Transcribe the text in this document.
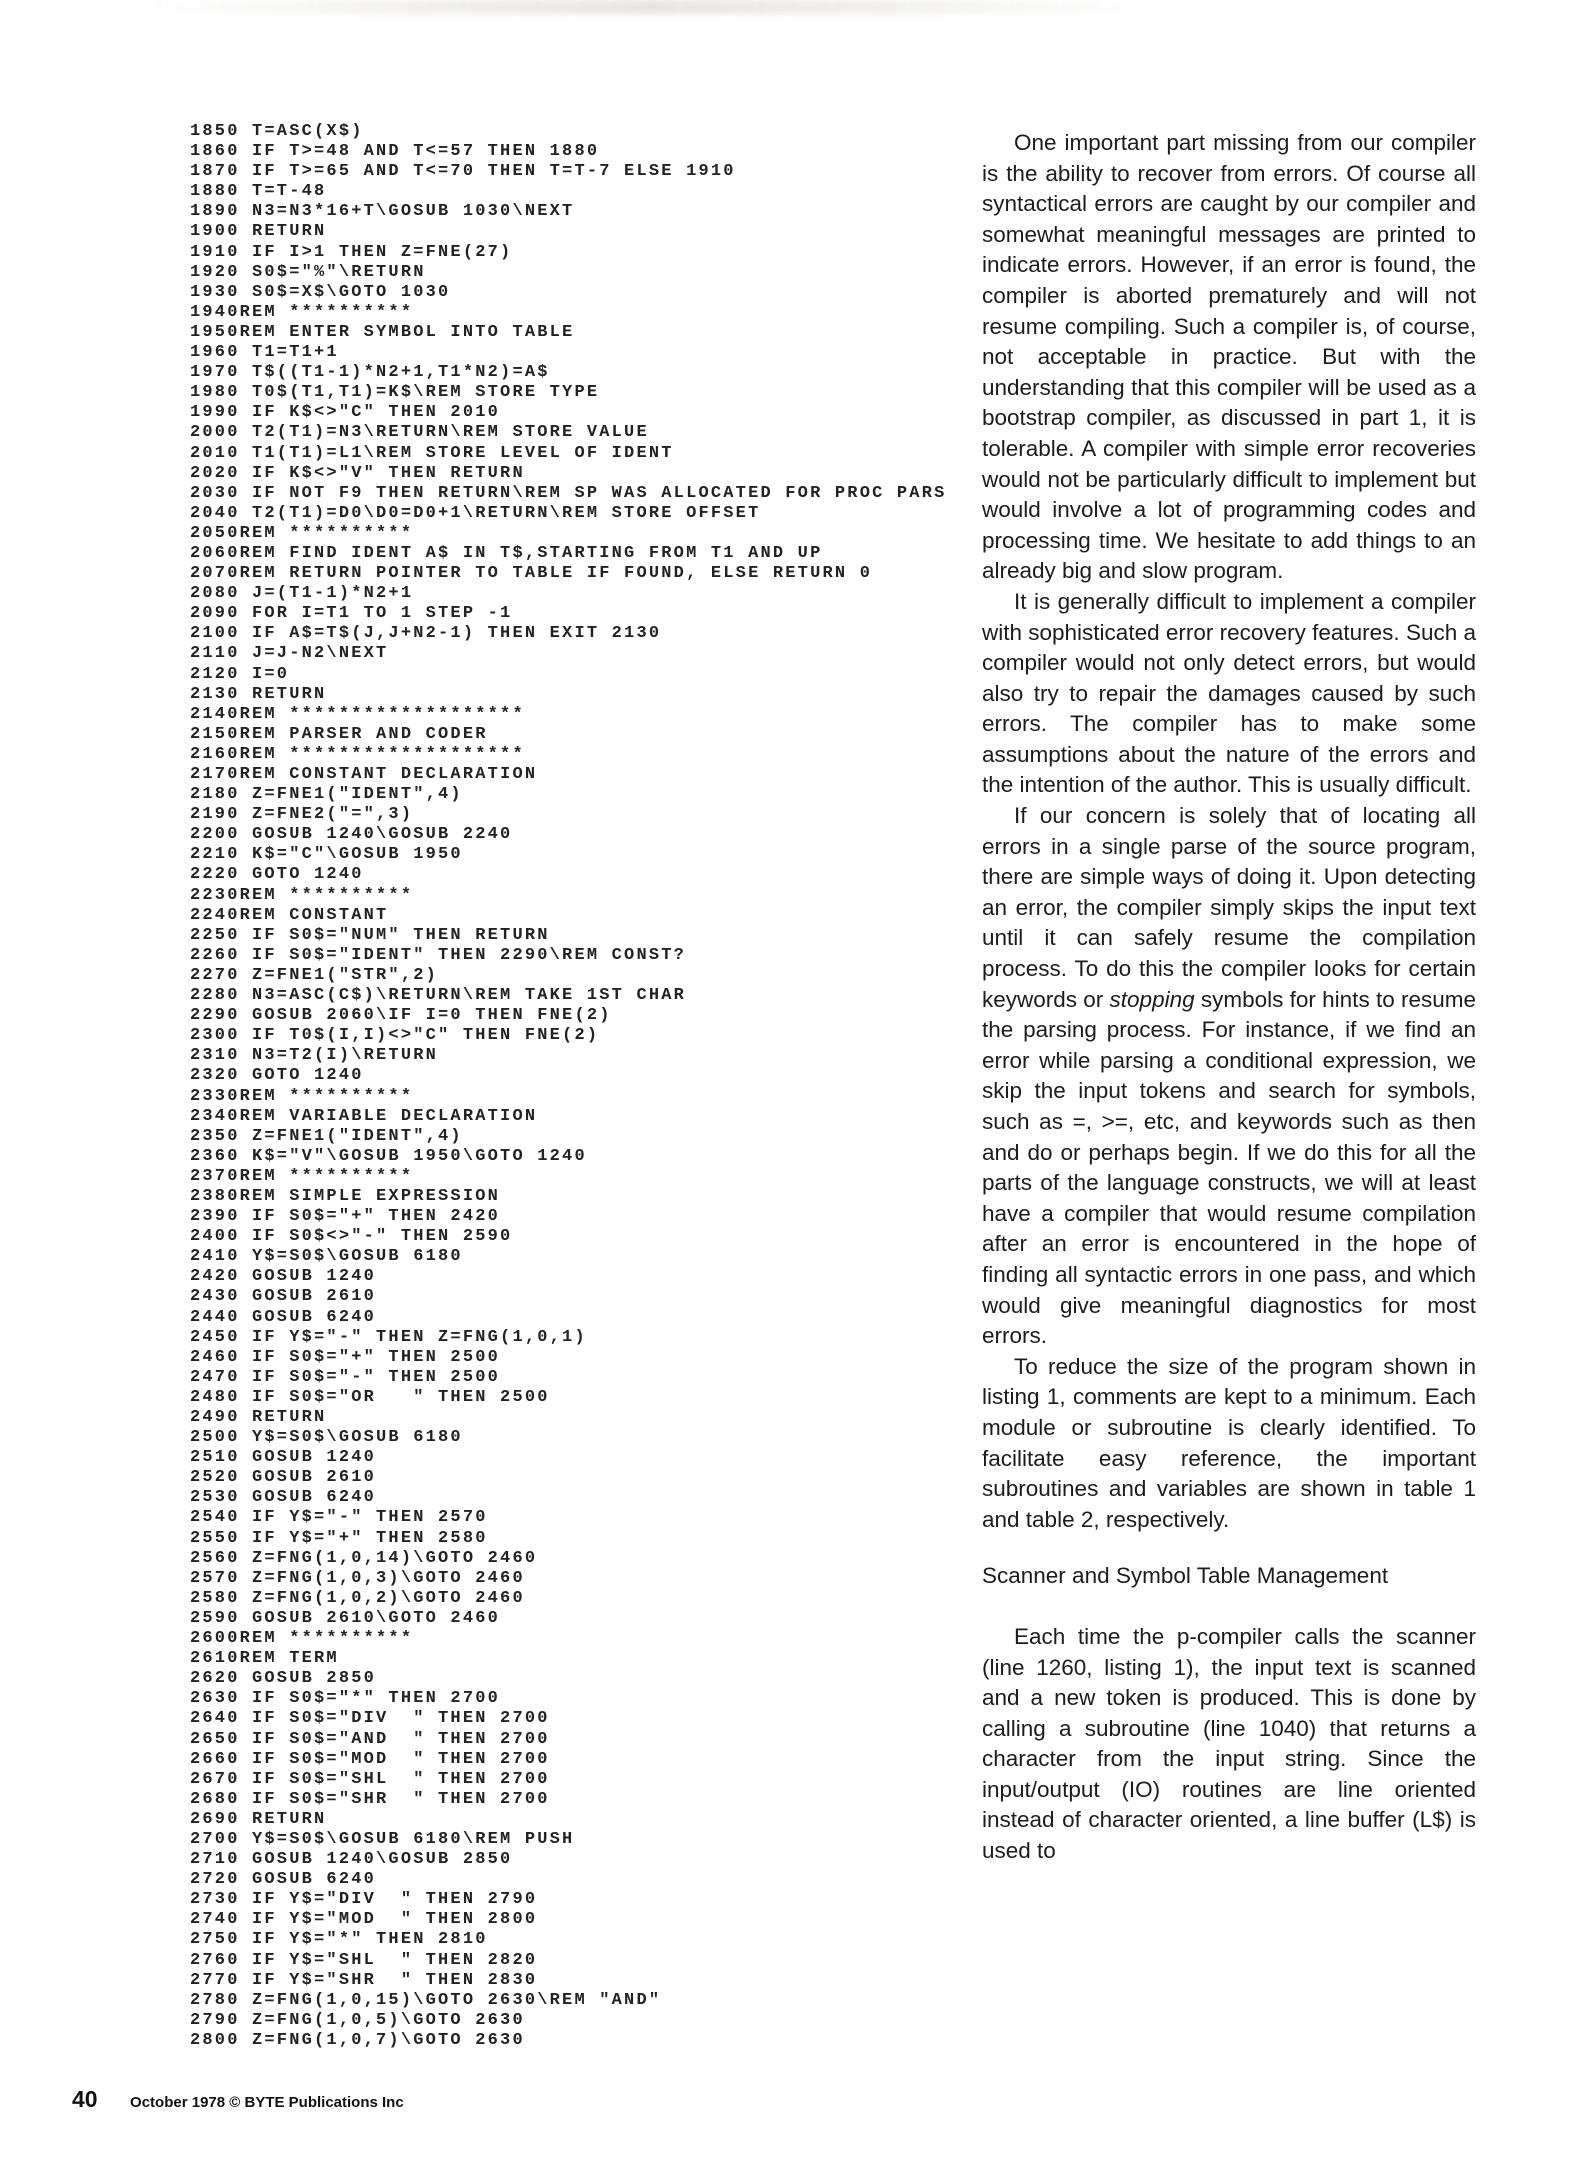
1850 T=ASC(X$)
1860 IF T>=48 AND T<=57 THEN 1880
1870 IF T>=65 AND T<=70 THEN T=T-7 ELSE 1910
1880 T=T-48
1890 N3=N3*16+T\GOSUB 1030\NEXT
1900 RETURN
1910 IF I>1 THEN Z=FNE(27)
1920 S0$="%"\RETURN
1930 S0$=X$\GOTO 1030
1940REM **********
1950REM ENTER SYMBOL INTO TABLE
1960 T1=T1+1
1970 T$((T1-1)*N2+1,T1*N2)=A$
1980 T0$(T1,T1)=K$\REM STORE TYPE
1990 IF K$<>"C" THEN 2010
2000 T2(T1)=N3\RETURN\REM STORE VALUE
2010 T1(T1)=L1\REM STORE LEVEL OF IDENT
2020 IF K$<>"V" THEN RETURN
2030 IF NOT F9 THEN RETURN\REM SP WAS ALLOCATED FOR PROC PARS
2040 T2(T1)=D0\D0=D0+1\RETURN\REM STORE OFFSET
2050REM **********
2060REM FIND IDENT A$ IN T$,STARTING FROM T1 AND UP
2070REM RETURN POINTER TO TABLE IF FOUND, ELSE RETURN 0
2080 J=(T1-1)*N2+1
2090 FOR I=T1 TO 1 STEP -1
2100 IF A$=T$(J,J+N2-1) THEN EXIT 2130
2110 J=J-N2\NEXT
2120 I=0
2130 RETURN
2140REM *******************
2150REM PARSER AND CODER
2160REM *******************
2170REM CONSTANT DECLARATION
2180 Z=FNE1("IDENT",4)
2190 Z=FNE2("=",3)
2200 GOSUB 1240\GOSUB 2240
2210 K$="C"\GOSUB 1950
2220 GOTO 1240
2230REM **********
2240REM CONSTANT
2250 IF S0$="NUM" THEN RETURN
2260 IF S0$="IDENT" THEN 2290\REM CONST?
2270 Z=FNE1("STR",2)
2280 N3=ASC(C$)\RETURN\REM TAKE 1ST CHAR
2290 GOSUB 2060\IF I=0 THEN FNE(2)
2300 IF T0$(I,I)<>"C" THEN FNE(2)
2310 N3=T2(I)\RETURN
2320 GOTO 1240
2330REM **********
2340REM VARIABLE DECLARATION
2350 Z=FNE1("IDENT",4)
2360 K$="V"\GOSUB 1950\GOTO 1240
2370REM **********
2380REM SIMPLE EXPRESSION
2390 IF S0$="+" THEN 2420
2400 IF S0$<>"-" THEN 2590
2410 Y$=S0$\GOSUB 6180
2420 GOSUB 1240
2430 GOSUB 2610
2440 GOSUB 6240
2450 IF Y$="-" THEN Z=FNG(1,0,1)
2460 IF S0$="+" THEN 2500
2470 IF S0$="-" THEN 2500
2480 IF S0$="OR   " THEN 2500
2490 RETURN
2500 Y$=S0$\GOSUB 6180
2510 GOSUB 1240
2520 GOSUB 2610
2530 GOSUB 6240
2540 IF Y$="-" THEN 2570
2550 IF Y$="+" THEN 2580
2560 Z=FNG(1,0,14)\GOTO 2460
2570 Z=FNG(1,0,3)\GOTO 2460
2580 Z=FNG(1,0,2)\GOTO 2460
2590 GOSUB 2610\GOTO 2460
2600REM **********
2610REM TERM
2620 GOSUB 2850
2630 IF S0$="*" THEN 2700
2640 IF S0$="DIV  " THEN 2700
2650 IF S0$="AND  " THEN 2700
2660 IF S0$="MOD  " THEN 2700
2670 IF S0$="SHL  " THEN 2700
2680 IF S0$="SHR  " THEN 2700
2690 RETURN
2700 Y$=S0$\GOSUB 6180\REM PUSH
2710 GOSUB 1240\GOSUB 2850
2720 GOSUB 6240
2730 IF Y$="DIV  " THEN 2790
2740 IF Y$="MOD  " THEN 2800
2750 IF Y$="*" THEN 2810
2760 IF Y$="SHL  " THEN 2820
2770 IF Y$="SHR  " THEN 2830
2780 Z=FNG(1,0,15)\GOTO 2630\REM "AND"
2790 Z=FNG(1,0,5)\GOTO 2630
2800 Z=FNG(1,0,7)\GOTO 2630

One important part missing from our compiler is the ability to recover from errors. Of course all syntactical errors are caught by our compiler and somewhat meaningful messages are printed to indicate errors. However, if an error is found, the compiler is aborted prematurely and will not resume compiling. Such a compiler is, of course, not acceptable in practice. But with the understanding that this compiler will be used as a bootstrap compiler, as discussed in part 1, it is tolerable. A compiler with simple error recoveries would not be particularly difficult to implement but would involve a lot of programming codes and processing time. We hesitate to add things to an already big and slow program.

It is generally difficult to implement a compiler with sophisticated error recovery features. Such a compiler would not only detect errors, but would also try to repair the damages caused by such errors. The compiler has to make some assumptions about the nature of the errors and the intention of the author. This is usually difficult.

If our concern is solely that of locating all errors in a single parse of the source program, there are simple ways of doing it. Upon detecting an error, the compiler simply skips the input text until it can safely resume the compilation process. To do this the compiler looks for certain keywords or stopping symbols for hints to resume the parsing process. For instance, if we find an error while parsing a conditional expression, we skip the input tokens and search for symbols, such as =, >=, etc, and keywords such as then and do or perhaps begin. If we do this for all the parts of the language constructs, we will at least have a compiler that would resume compilation after an error is encountered in the hope of finding all syntactic errors in one pass, and which would give meaningful diagnostics for most errors.

To reduce the size of the program shown in listing 1, comments are kept to a minimum. Each module or subroutine is clearly identified. To facilitate easy reference, the important subroutines and variables are shown in table 1 and table 2, respectively.

Scanner and Symbol Table Management

Each time the p-compiler calls the scanner (line 1260, listing 1), the input text is scanned and a new token is produced. This is done by calling a subroutine (line 1040) that returns a character from the input string. Since the input/output (IO) routines are line oriented instead of character oriented, a line buffer (L$) is used to

40 October 1978 © BYTE Publications Inc
